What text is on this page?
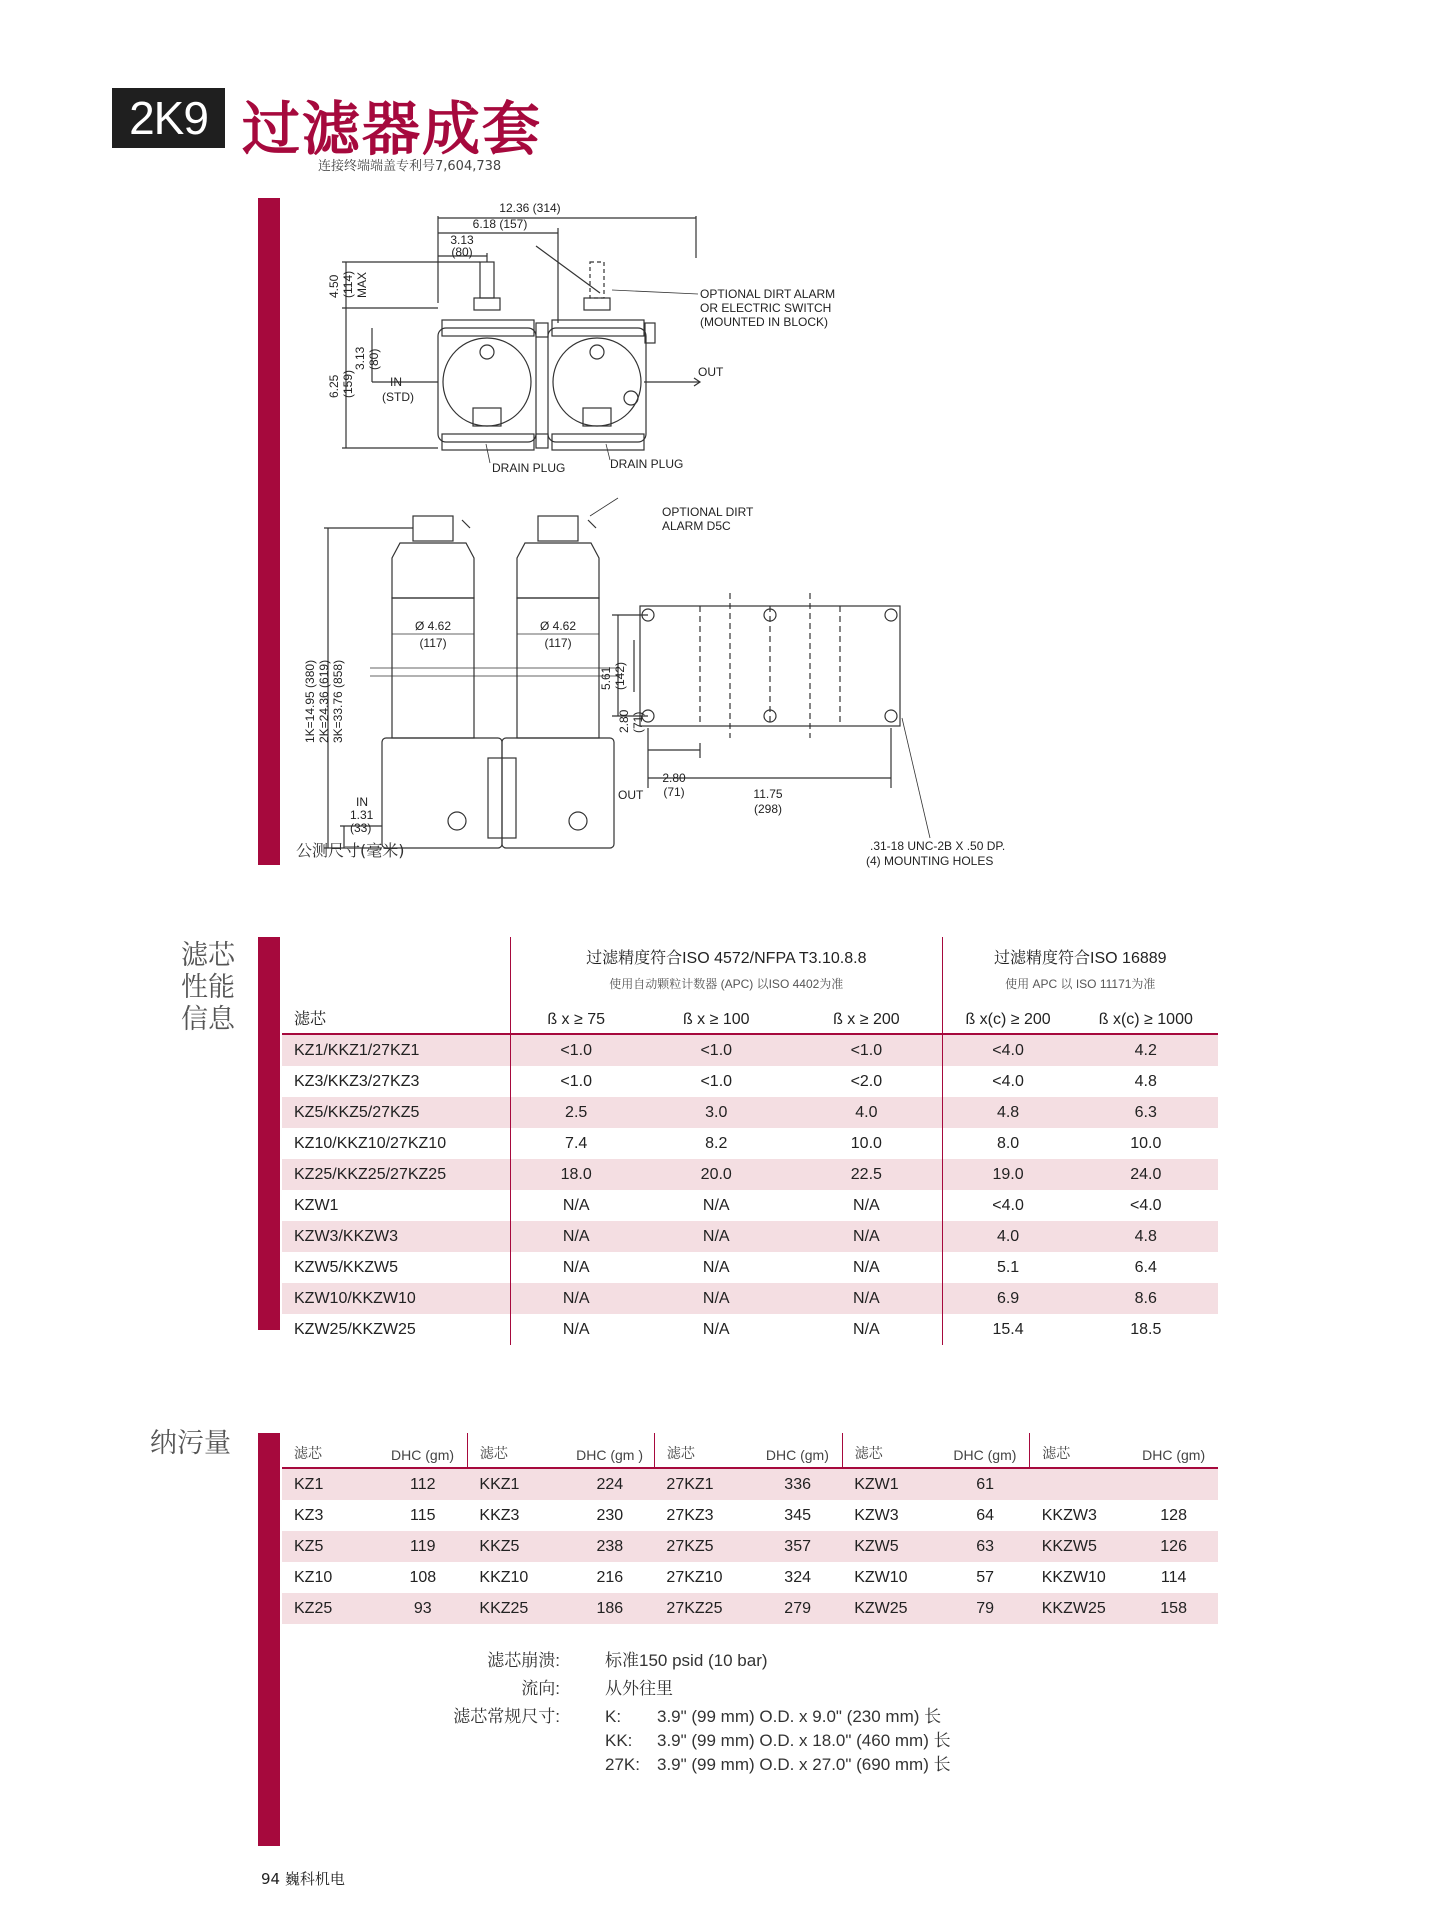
2K9 过滤器成套
连接终端端盖专利号7,604,738
12.36 (314)
6.18 (157)
3.13
(80)
4.50 (114) MAX
6.25 (159)
3.13 (80)
IN
(STD)
OUT
OPTIONAL DIRT ALARM
OR ELECTRIC SWITCH
(MOUNTED IN BLOCK)
DRAIN PLUG	DRAIN PLUG
OPTIONAL DIRT
ALARM D5C
Ø 4.62
(117)
Ø 4.62
(117)
1K=14.95 (380) 2K=24.36 (619) 3K=33.76 (858)
IN
1.31
(33)
OUT
5.61 (142)
2.80 (71)
2.80
(71)	11.75
(298)
.31-18 UNC-2B X .50 DP.
(4) MOUNTING HOLES
公测尺寸(毫米)
滤芯
性能
信息
	过滤精度符合ISO 4572/NFPA T3.10.8.8			过滤精度符合ISO 16889	
	使用自动颗粒计数器 (APC) 以ISO 4402为准			使用 APC 以 ISO 11171为准	
滤芯	ß x ≥ 75	ß x ≥ 100	ß x ≥ 200	ß x(c) ≥ 200	ß x(c) ≥ 1000
KZ1/KKZ1/27KZ1	<1.0	<1.0	<1.0	<4.0	4.2
KZ3/KKZ3/27KZ3	<1.0	<1.0	<2.0	<4.0	4.8
KZ5/KKZ5/27KZ5	2.5	3.0	4.0	4.8	6.3
KZ10/KKZ10/27KZ10	7.4	8.2	10.0	8.0	10.0
KZ25/KKZ25/27KZ25	18.0	20.0	22.5	19.0	24.0
KZW1	N/A	N/A	N/A	<4.0	<4.0
KZW3/KKZW3	N/A	N/A	N/A	4.0	4.8
KZW5/KKZW5	N/A	N/A	N/A	5.1	6.4
KZW10/KKZW10	N/A	N/A	N/A	6.9	8.6
KZW25/KKZW25	N/A	N/A	N/A	15.4	18.5
纳污量	滤芯	DHC (gm)	滤芯	DHC (gm )	滤芯	DHC (gm)	滤芯	DHC (gm)	滤芯	DHC (gm)
KZ1	112	KKZ1	224	27KZ1	336	KZW1	61		
KZ3	115	KKZ3	230	27KZ3	345	KZW3	64	KKZW3	128
KZ5	119	KKZ5	238	27KZ5	357	KZW5	63	KKZW5	126
KZ10	108	KKZ10	216	27KZ10	324	KZW10	57	KKZW10	114
KZ25	93	KKZ25	186	27KZ25	279	KZW25	79	KKZW25	158
滤芯崩溃:	标准150 psid (10 bar)
流向:	从外往里
滤芯常规尺寸:	K: 3.9" (99 mm) O.D. x 9.0" (230 mm) 长
KK: 3.9" (99 mm) O.D. x 18.0" (460 mm) 长
27K: 3.9" (99 mm) O.D. x 27.0" (690 mm) 长
94 巍科机电
